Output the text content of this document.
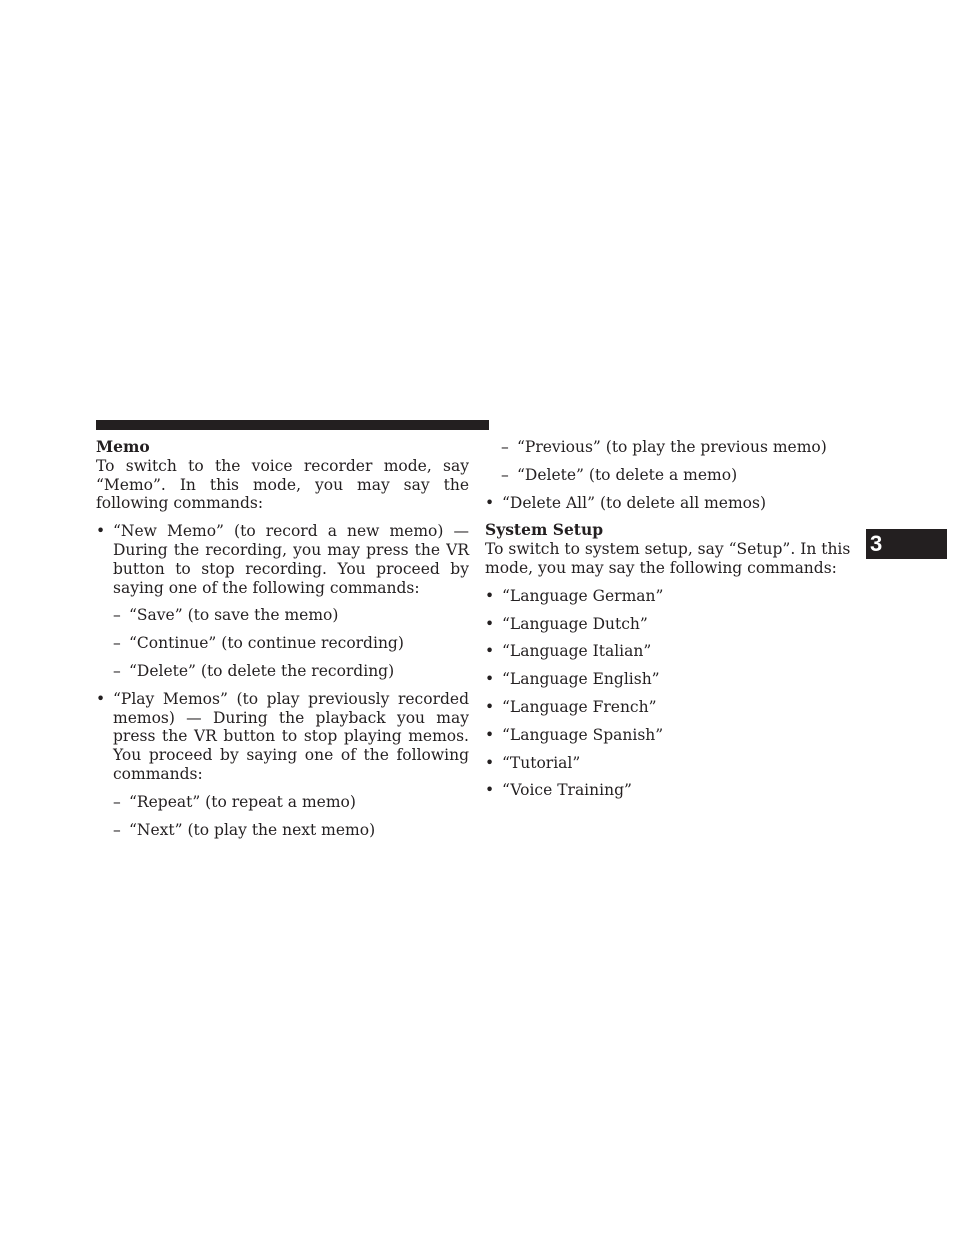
Memo

To switch to the voice recorder mode, say “Memo”. In this mode, you may say the following commands:

• “New Memo” (to record a new memo) — During the recording, you may press the VR button to stop recording. You proceed by saying one of the following commands:
– “Save” (to save the memo)
– “Continue” (to continue recording)
– “Delete” (to delete the recording)
• “Play Memos” (to play previously recorded memos) — During the playback you may press the VR button to stop playing memos. You proceed by saying one of the following commands:
– “Repeat” (to repeat a memo)
– “Next” (to play the next memo)
– “Previous” (to play the previous memo)
– “Delete” (to delete a memo)
• “Delete All” (to delete all memos)

System Setup

To switch to system setup, say “Setup”. In this mode, you may say the following commands:

• “Language German”
• “Language Dutch”
• “Language Italian”
• “Language English”
• “Language French”
• “Language Spanish”
• “Tutorial”
• “Voice Training”
3
